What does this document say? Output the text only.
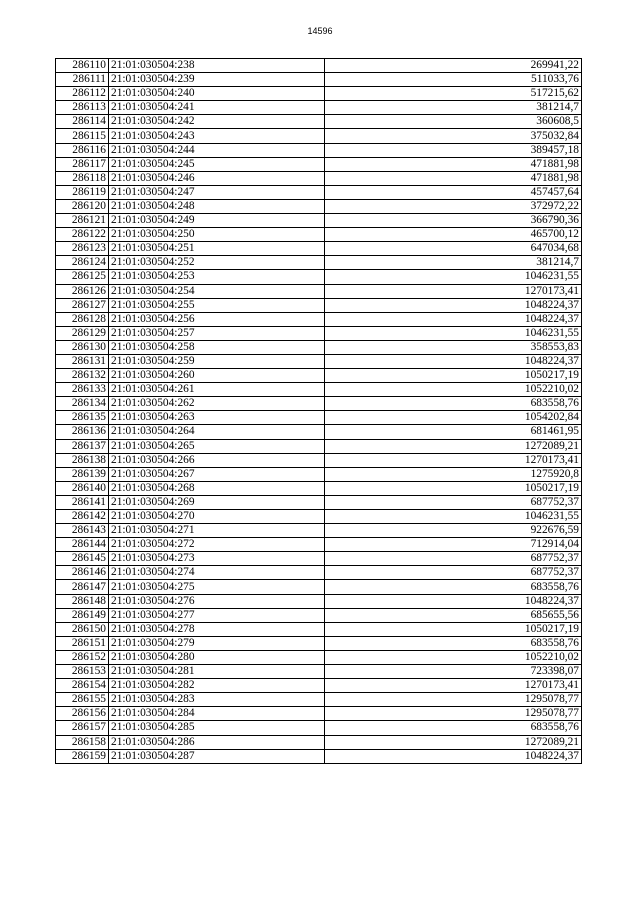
14596
286110	21:01:030504:238	269941,22
286111	21:01:030504:239	511033,76
286112	21:01:030504:240	517215,62
286113	21:01:030504:241	381214,7
286114	21:01:030504:242	360608,5
286115	21:01:030504:243	375032,84
286116	21:01:030504:244	389457,18
286117	21:01:030504:245	471881,98
286118	21:01:030504:246	471881,98
286119	21:01:030504:247	457457,64
286120	21:01:030504:248	372972,22
286121	21:01:030504:249	366790,36
286122	21:01:030504:250	465700,12
286123	21:01:030504:251	647034,68
286124	21:01:030504:252	381214,7
286125	21:01:030504:253	1046231,55
286126	21:01:030504:254	1270173,41
286127	21:01:030504:255	1048224,37
286128	21:01:030504:256	1048224,37
286129	21:01:030504:257	1046231,55
286130	21:01:030504:258	358553,83
286131	21:01:030504:259	1048224,37
286132	21:01:030504:260	1050217,19
286133	21:01:030504:261	1052210,02
286134	21:01:030504:262	683558,76
286135	21:01:030504:263	1054202,84
286136	21:01:030504:264	681461,95
286137	21:01:030504:265	1272089,21
286138	21:01:030504:266	1270173,41
286139	21:01:030504:267	1275920,8
286140	21:01:030504:268	1050217,19
286141	21:01:030504:269	687752,37
286142	21:01:030504:270	1046231,55
286143	21:01:030504:271	922676,59
286144	21:01:030504:272	712914,04
286145	21:01:030504:273	687752,37
286146	21:01:030504:274	687752,37
286147	21:01:030504:275	683558,76
286148	21:01:030504:276	1048224,37
286149	21:01:030504:277	685655,56
286150	21:01:030504:278	1050217,19
286151	21:01:030504:279	683558,76
286152	21:01:030504:280	1052210,02
286153	21:01:030504:281	723398,07
286154	21:01:030504:282	1270173,41
286155	21:01:030504:283	1295078,77
286156	21:01:030504:284	1295078,77
286157	21:01:030504:285	683558,76
286158	21:01:030504:286	1272089,21
286159	21:01:030504:287	1048224,37
